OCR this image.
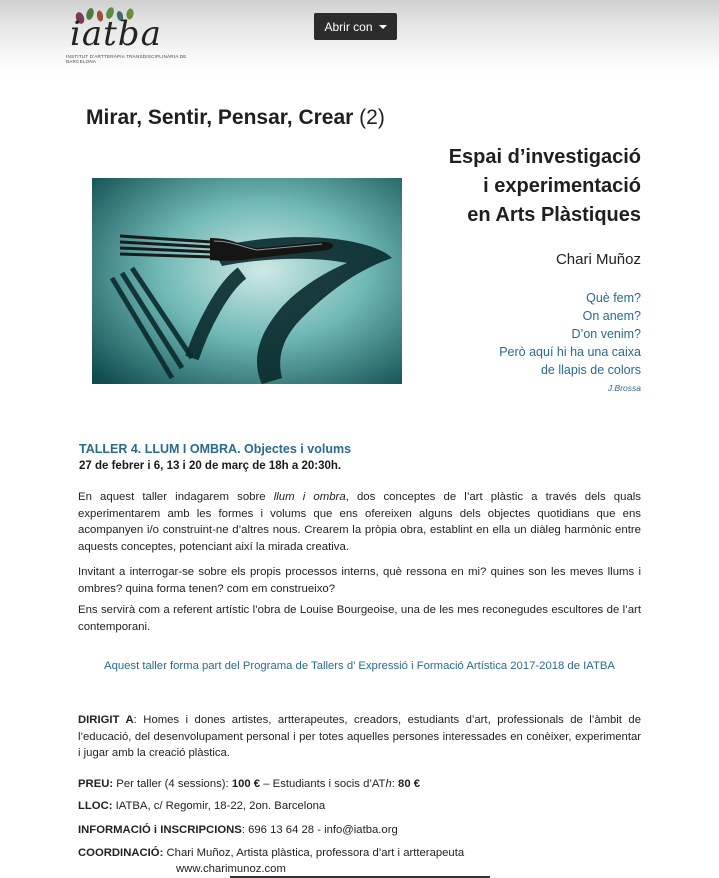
iatba
INSTITUT D'ARTTERÀPIA TRANSDISCIPLINÀRIA DE BARCELONA
Abrir con
Mirar, Sentir, Pensar, Crear (2)
Espai d’investigació
i experimentació
en Arts Plàstiques
Chari Muñoz
Què fem?
On anem?
D’on venim?
Però aquí hi ha una caixa
de llapis de colors
J.Brossa
TALLER 4. LLUM I OMBRA. Objectes i volums
27 de febrer i 6, 13 i 20 de març de 18h a 20:30h.
En aquest taller indagarem sobre llum i ombra, dos conceptes de l’art plàstic a través dels quals experimentarem amb les formes i volums que ens ofereixen alguns dels objectes quotidians que ens acompanyen i/o construint-ne d’altres nous. Crearem la pròpia obra, establint en ella un diàleg harmònic entre aquests conceptes, potenciant així la mirada creativa.
Invitant a interrogar-se sobre els propis processos interns, què ressona en mi? quines son les meves llums i ombres? quina forma tenen? com em construeixo?
Ens servirà com a referent artístic l’obra de Louise Bourgeoise, una de les mes reconegudes escultores de l’art contemporani.
Aquest taller forma part del Programa de Tallers d’ Expressió i Formació Artística 2017-2018 de IATBA
DIRIGIT A: Homes i dones artistes, artterapeutes, creadors, estudiants d’art, professionals de l’àmbit de l’educació, del desenvolupament personal i per totes aquelles persones interessades en conèixer, experimentar i jugar amb la creació plàstica.
PREU: Per taller (4 sessions): 100 € – Estudiants i socis d’ATh: 80 €
LLOC: IATBA, c/ Regomir, 18-22, 2on. Barcelona
INFORMACIÓ i INSCRIPCIONS: 696 13 64 28 - info@iatba.org
COORDINACIÓ: Chari Muñoz, Artista plàstica, professora d’art i artterapeuta
www.charimunoz.com
